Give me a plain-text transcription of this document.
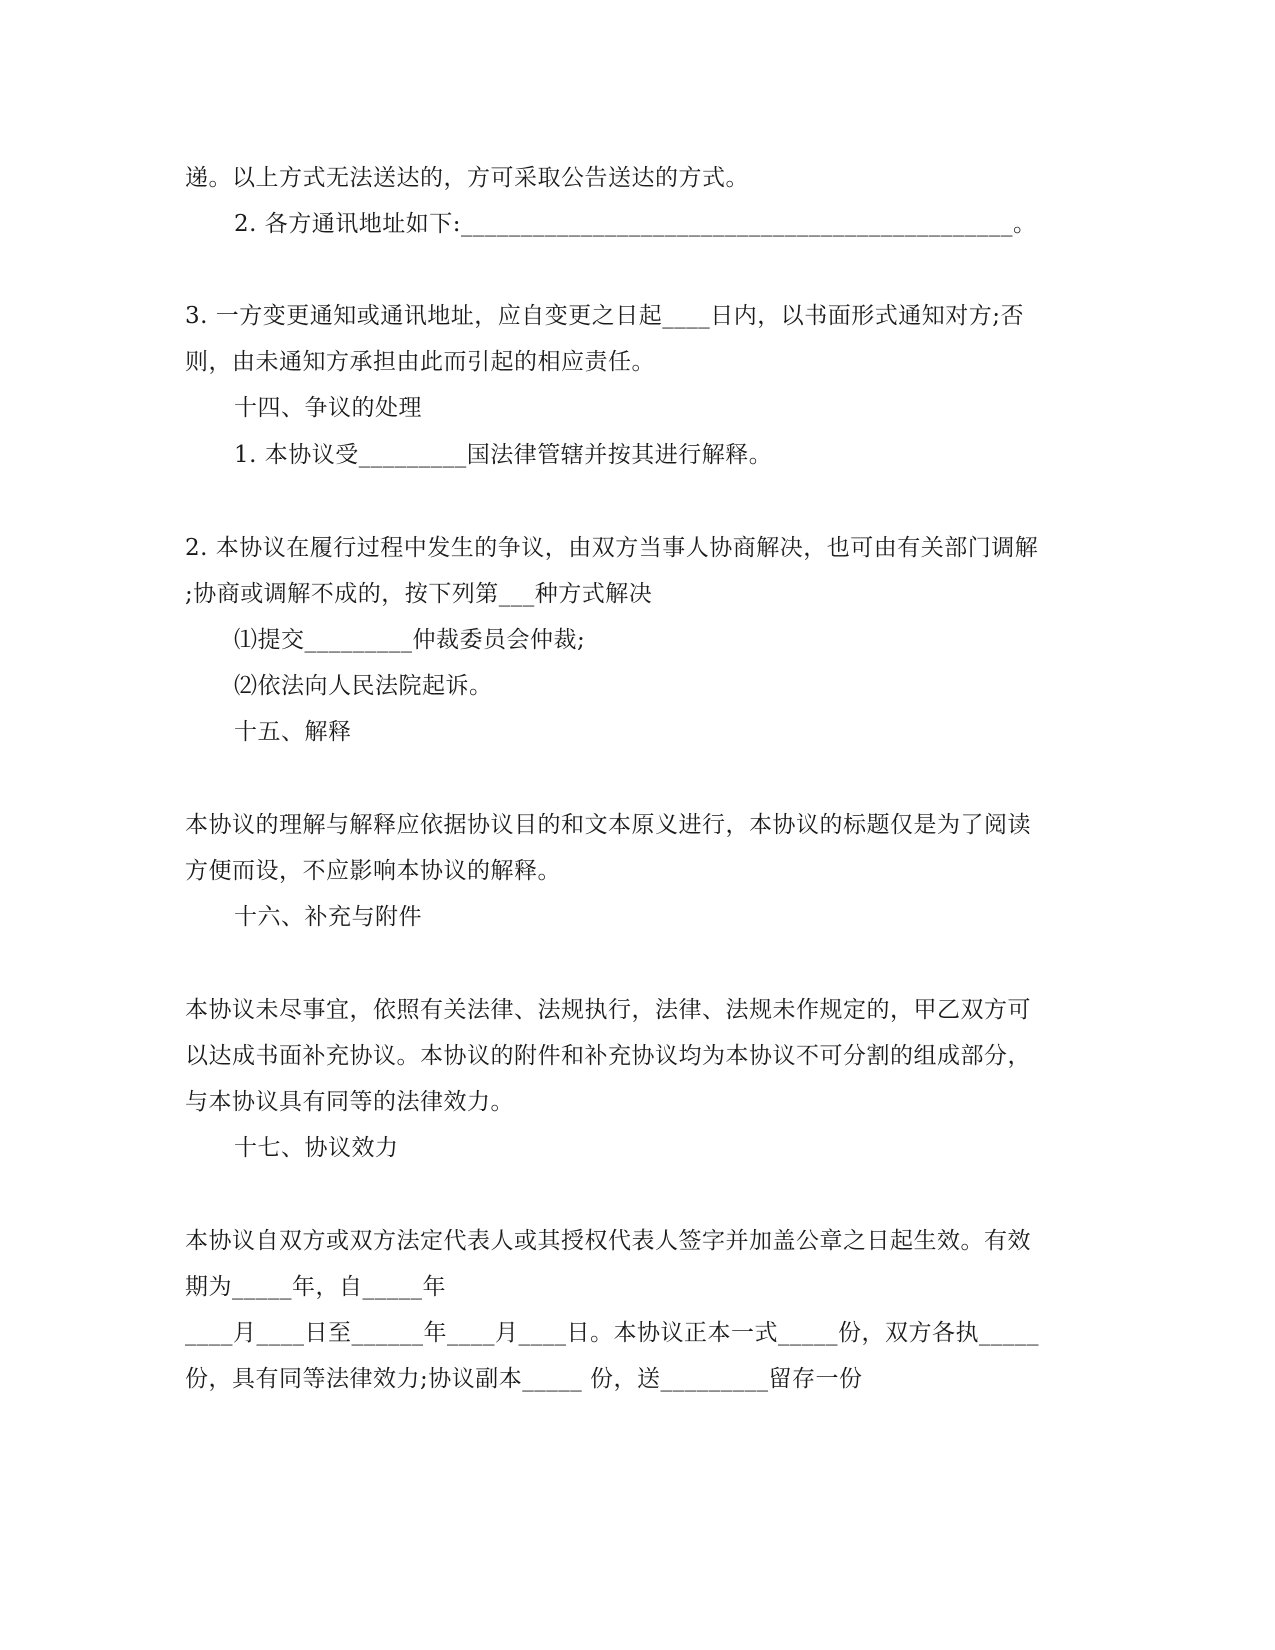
递。以上方式无法送达的，方可采取公告送达的方式。
2. 各方通讯地址如下:______________________________________________。
3. 一方变更通知或通讯地址，应自变更之日起____日内，以书面形式通知对方;否
则，由未通知方承担由此而引起的相应责任。
十四、争议的处理
1. 本协议受_________国法律管辖并按其进行解释。
2. 本协议在履行过程中发生的争议，由双方当事人协商解决，也可由有关部门调解
;协商或调解不成的，按下列第___种方式解决
⑴提交_________仲裁委员会仲裁;
⑵依法向人民法院起诉。
十五、解释
本协议的理解与解释应依据协议目的和文本原义进行，本协议的标题仅是为了阅读
方便而设，不应影响本协议的解释。
十六、补充与附件
本协议未尽事宜，依照有关法律、法规执行，法律、法规未作规定的，甲乙双方可
以达成书面补充协议。本协议的附件和补充协议均为本协议不可分割的组成部分，
与本协议具有同等的法律效力。
十七、协议效力
本协议自双方或双方法定代表人或其授权代表人签字并加盖公章之日起生效。有效
期为_____年，自_____年
____月____日至______年____月____日。本协议正本一式_____份，双方各执_____
份，具有同等法律效力;协议副本_____ 份，送_________留存一份
